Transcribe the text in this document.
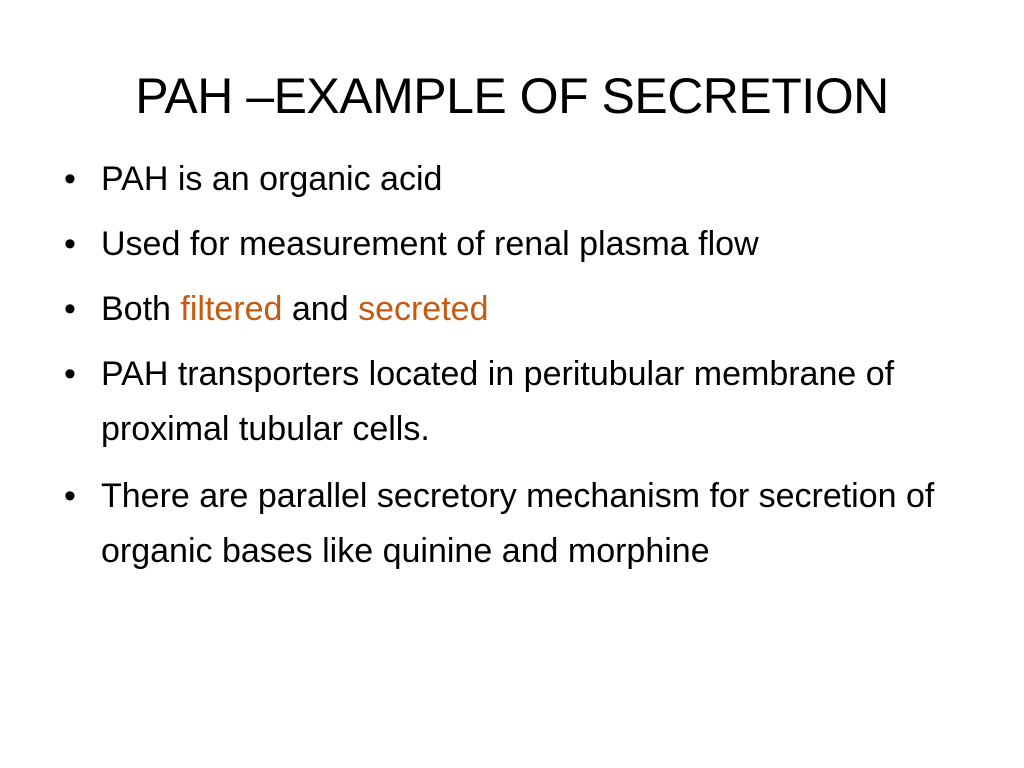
PAH –EXAMPLE OF SECRETION
• PAH is an organic acid
• Used for measurement of renal plasma flow
• Both filtered and secreted
• PAH transporters located in peritubular membrane of proximal tubular cells.
• There are parallel secretory mechanism for secretion of organic bases like quinine and morphine
